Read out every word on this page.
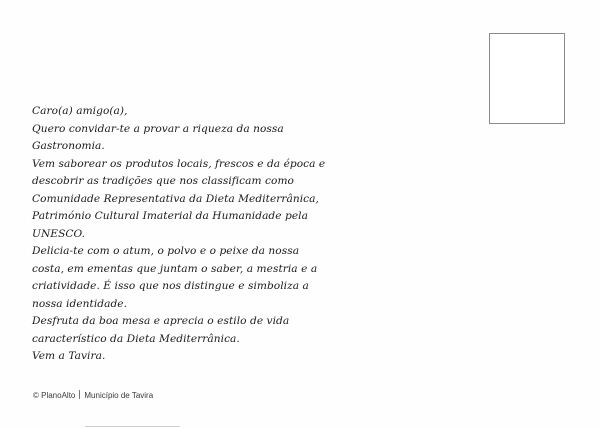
Caro(a) amigo(a),
Quero convidar-te a provar a riqueza da nossa
Gastronomia.
Vem saborear os produtos locais, frescos e da época e
descobrir as tradições que nos classificam como
Comunidade Representativa da Dieta Mediterrânica,
Património Cultural Imaterial da Humanidade pela
UNESCO.
Delicia-te com o atum, o polvo e o peixe da nossa
costa, em ementas que juntam o saber, a mestria e a
criatividade. É isso que nos distingue e simboliza a
nossa identidade.
Desfruta da boa mesa e aprecia o estilo de vida
característico da Dieta Mediterrânica.
Vem a Tavira.
© PlanoAlto Município de Tavira
